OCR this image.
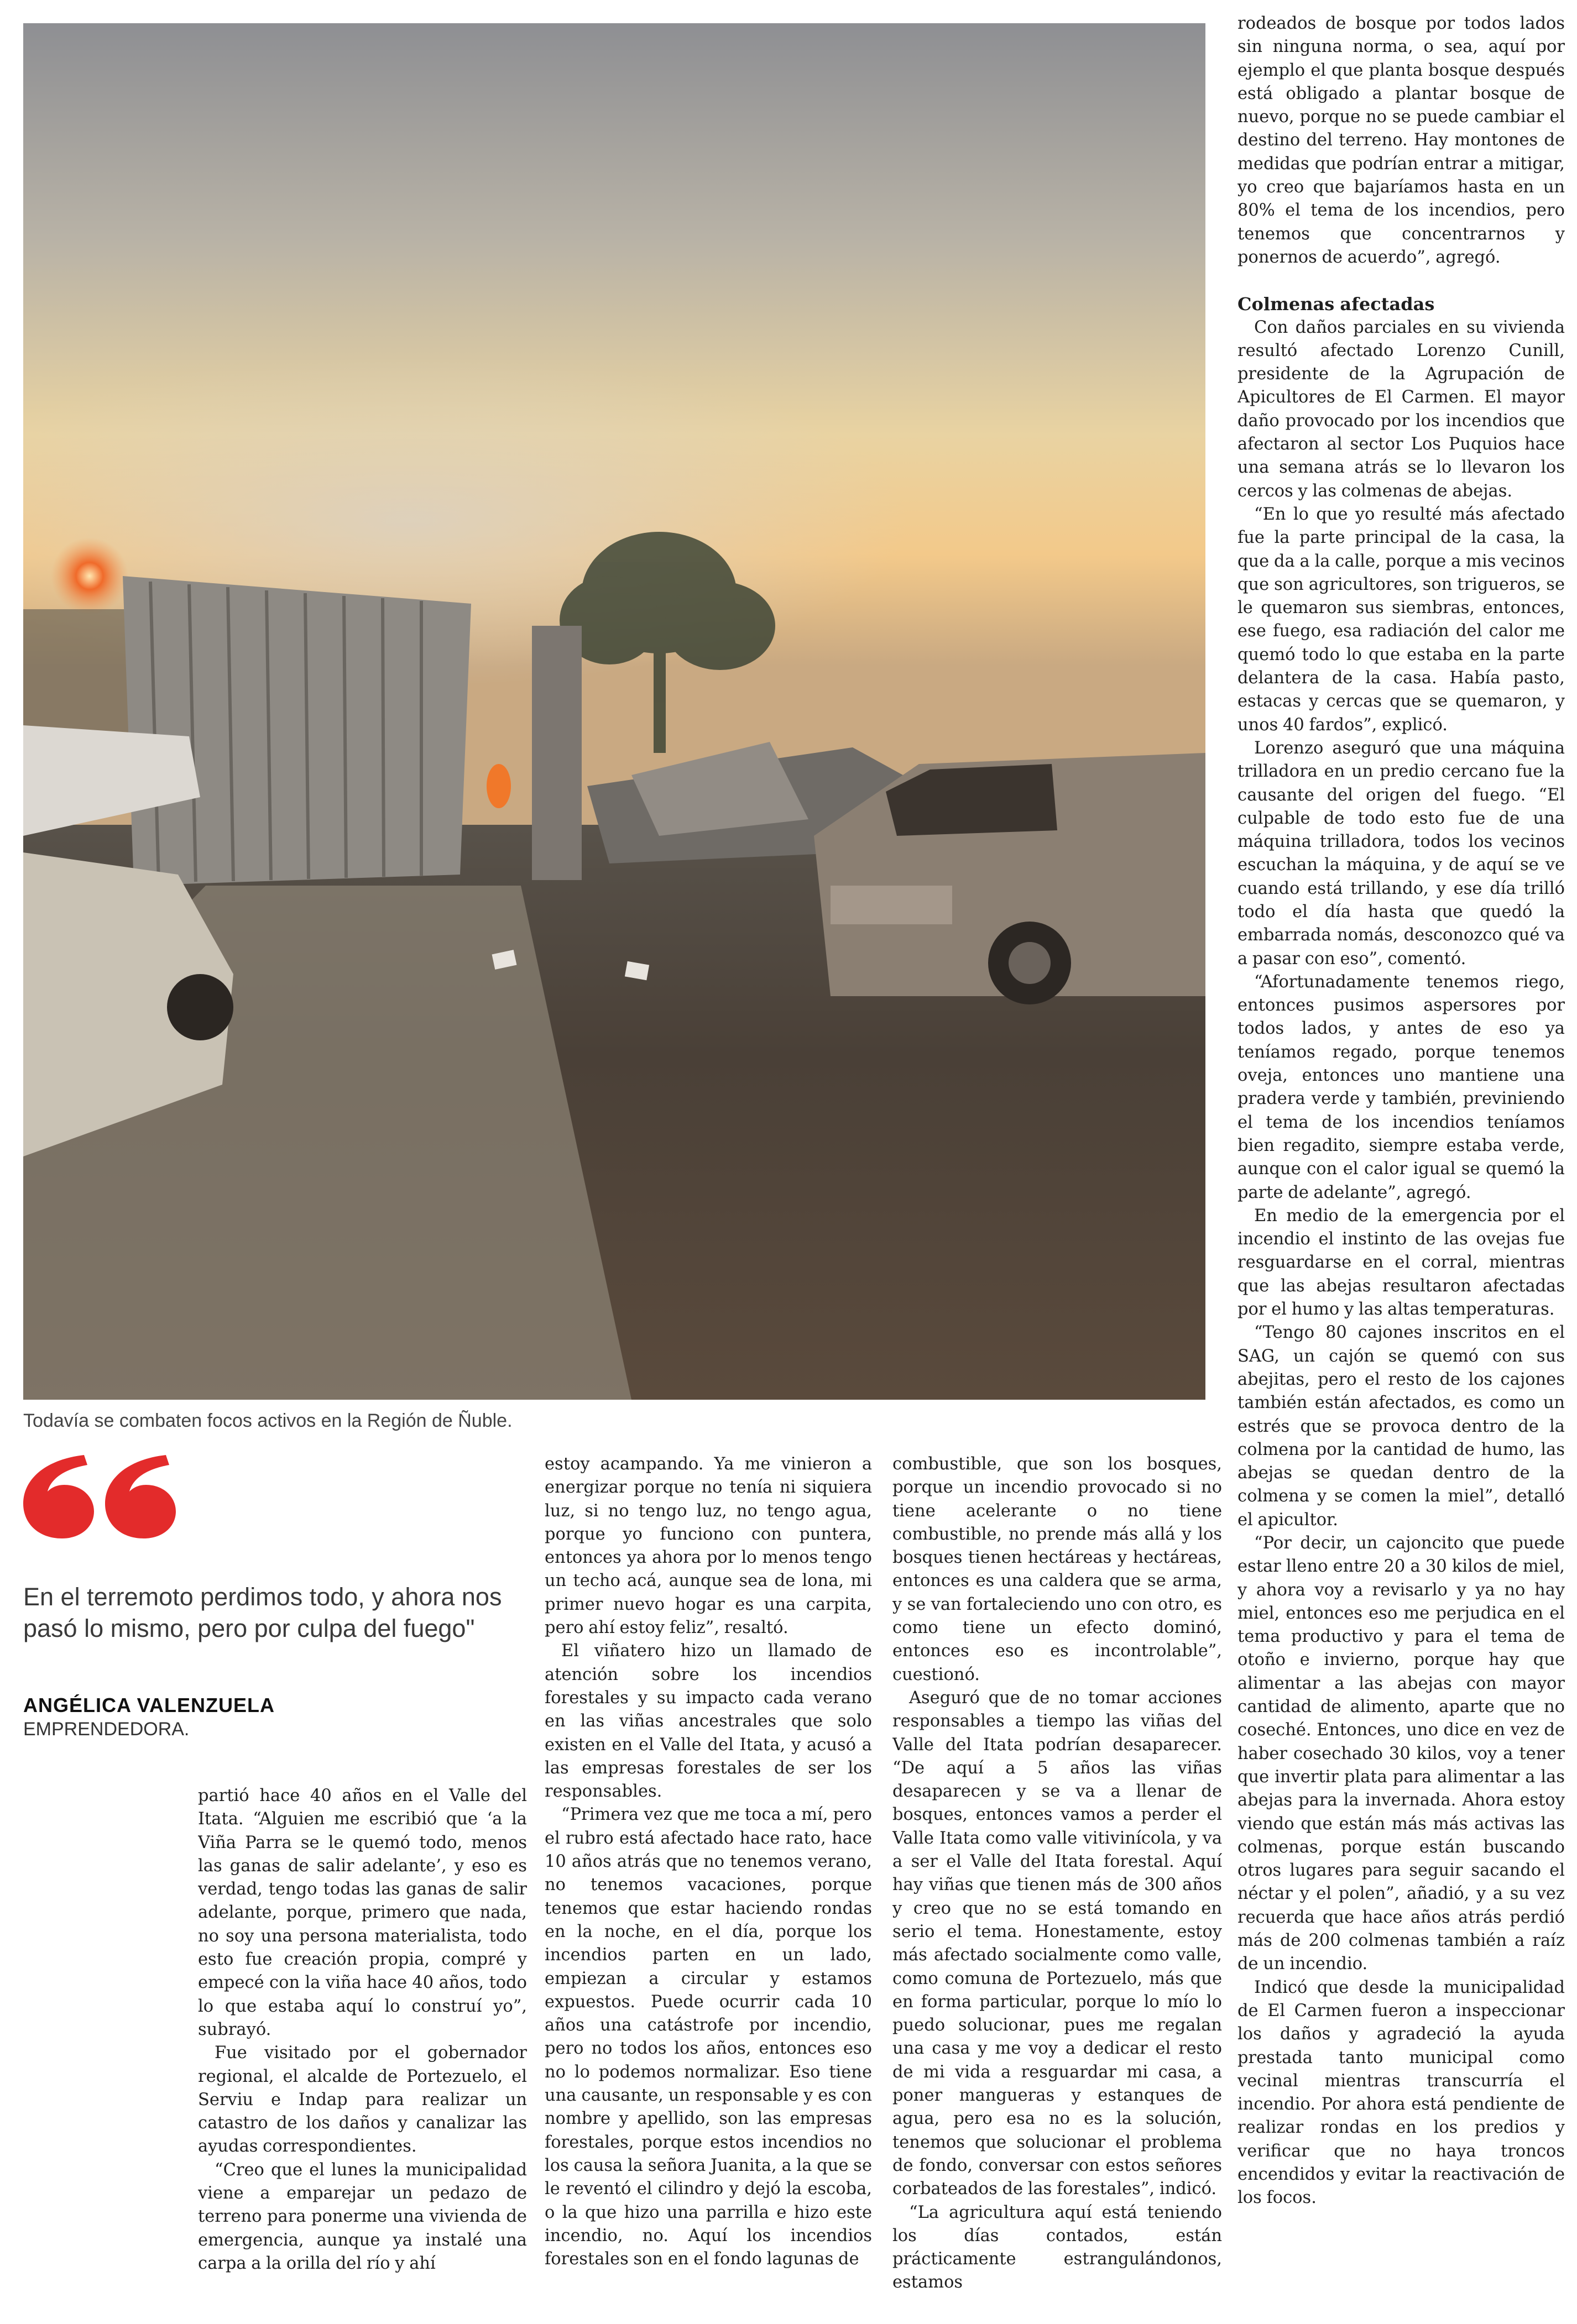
Todavía se combaten focos activos en la Región de Ñuble.

En el terremoto perdimos todo, y ahora nos pasó lo mismo, pero por culpa del fuego"

ANGÉLICA VALENZUELA

EMPRENDEDORA.

partió hace 40 años en el Valle del Itata. “Alguien me escribió que ‘a la Viña Parra se le quemó todo, menos las ganas de salir adelante’, y eso es verdad, tengo todas las ganas de salir adelante, porque, primero que nada, no soy una persona materialista, todo esto fue creación propia, compré y empecé con la viña hace 40 años, todo lo que estaba aquí lo construí yo”, subrayó.

Fue visitado por el gobernador regional, el alcalde de Portezuelo, el Serviu e Indap para realizar un catastro de los daños y canalizar las ayudas correspondientes.

“Creo que el lunes la municipalidad viene a emparejar un pedazo de terreno para ponerme una vivienda de emergencia, aunque ya instalé una carpa a la orilla del río y ahí

estoy acampando. Ya me vinieron a energizar porque no tenía ni siquiera luz, si no tengo luz, no tengo agua, porque yo funciono con puntera, entonces ya ahora por lo menos tengo un techo acá, aunque sea de lona, mi primer nuevo hogar es una carpita, pero ahí estoy feliz”, resaltó.

El viñatero hizo un llamado de atención sobre los incendios forestales y su impacto cada verano en las viñas ancestrales que solo existen en el Valle del Itata, y acusó a las empresas forestales de ser los responsables.

“Primera vez que me toca a mí, pero el rubro está afectado hace rato, hace 10 años atrás que no tenemos verano, no tenemos vacaciones, porque tenemos que estar haciendo rondas en la noche, en el día, porque los incendios parten en un lado, empiezan a circular y estamos expuestos. Puede ocurrir cada 10 años una catástrofe por incendio, pero no todos los años, entonces eso no lo podemos normalizar. Eso tiene una causante, un responsable y es con nombre y apellido, son las empresas forestales, porque estos incendios no los causa la señora Juanita, a la que se le reventó el cilindro y dejó la escoba, o la que hizo una parrilla e hizo este incendio, no. Aquí los incendios forestales son en el fondo lagunas de

combustible, que son los bosques, porque un incendio provocado si no tiene acelerante o no tiene combustible, no prende más allá y los bosques tienen hectáreas y hectáreas, entonces es una caldera que se arma, y se van fortaleciendo uno con otro, es como tiene un efecto dominó, entonces eso es incontrolable”, cuestionó.

Aseguró que de no tomar acciones responsables a tiempo las viñas del Valle del Itata podrían desaparecer. “De aquí a 5 años las viñas desaparecen y se va a llenar de bosques, entonces vamos a perder el Valle Itata como valle vitivinícola, y va a ser el Valle del Itata forestal. Aquí hay viñas que tienen más de 300 años y creo que no se está tomando en serio el tema. Honestamente, estoy más afectado socialmente como valle, como comuna de Portezuelo, más que en forma particular, porque lo mío lo puedo solucionar, pues me regalan una casa y me voy a dedicar el resto de mi vida a resguardar mi casa, a poner mangueras y estanques de agua, pero esa no es la solución, tenemos que solucionar el problema de fondo, conversar con estos señores corbateados de las forestales”, indicó.

“La agricultura aquí está teniendo los días contados, están prácticamente estrangulándonos, estamos

rodeados de bosque por todos lados sin ninguna norma, o sea, aquí por ejemplo el que planta bosque después está obligado a plantar bosque de nuevo, porque no se puede cambiar el destino del terreno. Hay montones de medidas que podrían entrar a mitigar, yo creo que bajaríamos hasta en un 80% el tema de los incendios, pero tenemos que concentrarnos y ponernos de acuerdo”, agregó.

Colmenas afectadas

Con daños parciales en su vivienda resultó afectado Lorenzo Cunill, presidente de la Agrupación de Apicultores de El Carmen. El mayor daño provocado por los incendios que afectaron al sector Los Puquios hace una semana atrás se lo llevaron los cercos y las colmenas de abejas.

“En lo que yo resulté más afectado fue la parte principal de la casa, la que da a la calle, porque a mis vecinos que son agricultores, son trigueros, se le quemaron sus siembras, entonces, ese fuego, esa radiación del calor me quemó todo lo que estaba en la parte delantera de la casa. Había pasto, estacas y cercas que se quemaron, y unos 40 fardos”, explicó.

Lorenzo aseguró que una máquina trilladora en un predio cercano fue la causante del origen del fuego. “El culpable de todo esto fue de una máquina trilladora, todos los vecinos escuchan la máquina, y de aquí se ve cuando está trillando, y ese día trilló todo el día hasta que quedó la embarrada nomás, desconozco qué va a pasar con eso”, comentó.

“Afortunadamente tenemos riego, entonces pusimos aspersores por todos lados, y antes de eso ya teníamos regado, porque tenemos oveja, entonces uno mantiene una pradera verde y también, previniendo el tema de los incendios teníamos bien regadito, siempre estaba verde, aunque con el calor igual se quemó la parte de adelante”, agregó.

En medio de la emergencia por el incendio el instinto de las ovejas fue resguardarse en el corral, mientras que las abejas resultaron afectadas por el humo y las altas temperaturas.

“Tengo 80 cajones inscritos en el SAG, un cajón se quemó con sus abejitas, pero el resto de los cajones también están afectados, es como un estrés que se provoca dentro de la colmena por la cantidad de humo, las abejas se quedan dentro de la colmena y se comen la miel”, detalló el apicultor.

“Por decir, un cajoncito que puede estar lleno entre 20 a 30 kilos de miel, y ahora voy a revisarlo y ya no hay miel, entonces eso me perjudica en el tema productivo y para el tema de otoño e invierno, porque hay que alimentar a las abejas con mayor cantidad de alimento, aparte que no coseché. Entonces, uno dice en vez de haber cosechado 30 kilos, voy a tener que invertir plata para alimentar a las abejas para la invernada. Ahora estoy viendo que están más más activas las colmenas, porque están buscando otros lugares para seguir sacando el néctar y el polen”, añadió, y a su vez recuerda que hace años atrás perdió más de 200 colmenas también a raíz de un incendio.

Indicó que desde la municipalidad de El Carmen fueron a inspeccionar los daños y agradeció la ayuda prestada tanto municipal como vecinal mientras transcurría el incendio. Por ahora está pendiente de realizar rondas en los predios y verificar que no haya troncos encendidos y evitar la reactivación de los focos.
